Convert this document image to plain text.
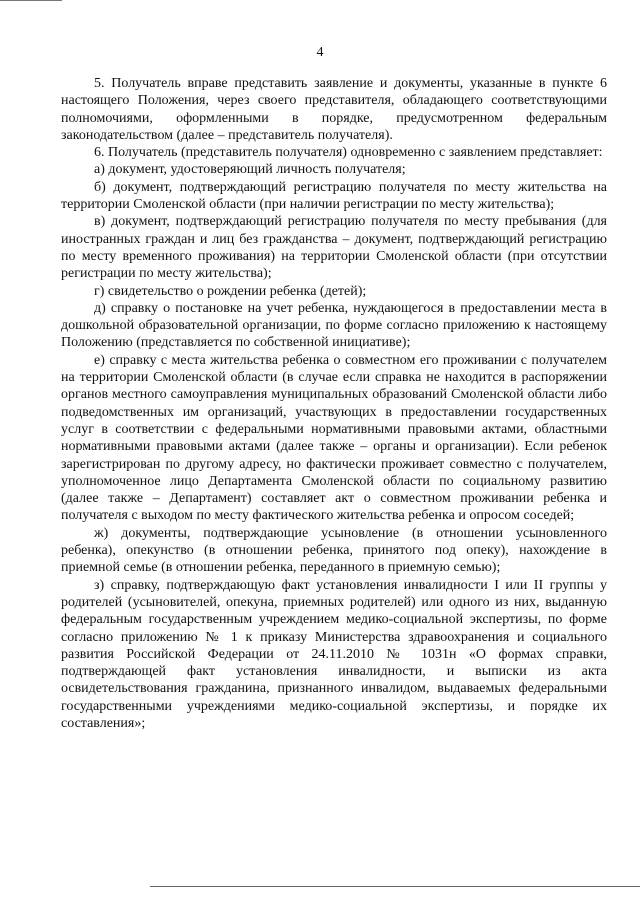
4

5. Получатель вправе представить заявление и документы, указанные в пункте 6 настоящего Положения, через своего представителя, обладающего соответствующими полномочиями, оформленными в порядке, предусмотренном федеральным законодательством (далее – представитель получателя).

6. Получатель (представитель получателя) одновременно с заявлением представляет:

а) документ, удостоверяющий личность получателя;

б) документ, подтверждающий регистрацию получателя по месту жительства на территории Смоленской области (при наличии регистрации по месту жительства);

в) документ, подтверждающий регистрацию получателя по месту пребывания (для иностранных граждан и лиц без гражданства – документ, подтверждающий регистрацию по месту временного проживания) на территории Смоленской области (при отсутствии регистрации по месту жительства);

г) свидетельство о рождении ребенка (детей);

д) справку о постановке на учет ребенка, нуждающегося в предоставлении места в дошкольной образовательной организации, по форме согласно приложению к настоящему Положению (представляется по собственной инициативе);

е) справку с места жительства ребенка о совместном его проживании с получателем на территории Смоленской области (в случае если справка не находится в распоряжении органов местного самоуправления муниципальных образований Смоленской области либо подведомственных им организаций, участвующих в предоставлении государственных услуг в соответствии с федеральными нормативными правовыми актами, областными нормативными правовыми актами (далее также – органы и организации). Если ребенок зарегистрирован по другому адресу, но фактически проживает совместно с получателем, уполномоченное лицо Департамента Смоленской области по социальному развитию (далее также – Департамент) составляет акт о совместном проживании ребенка и получателя с выходом по месту фактического жительства ребенка и опросом соседей;

ж) документы, подтверждающие усыновление (в отношении усыновленного ребенка), опекунство (в отношении ребенка, принятого под опеку), нахождение в приемной семье (в отношении ребенка, переданного в приемную семью);

з) справку, подтверждающую факт установления инвалидности I или II группы у родителей (усыновителей, опекуна, приемных родителей) или одного из них, выданную федеральным государственным учреждением медико-социальной экспертизы, по форме согласно приложению № 1 к приказу Министерства здравоохранения и социального развития Российской Федерации от 24.11.2010 № 1031н «О формах справки, подтверждающей факт установления инвалидности, и выписки из акта освидетельствования гражданина, признанного инвалидом, выдаваемых федеральными государственными учреждениями медико-социальной экспертизы, и порядке их составления»;
